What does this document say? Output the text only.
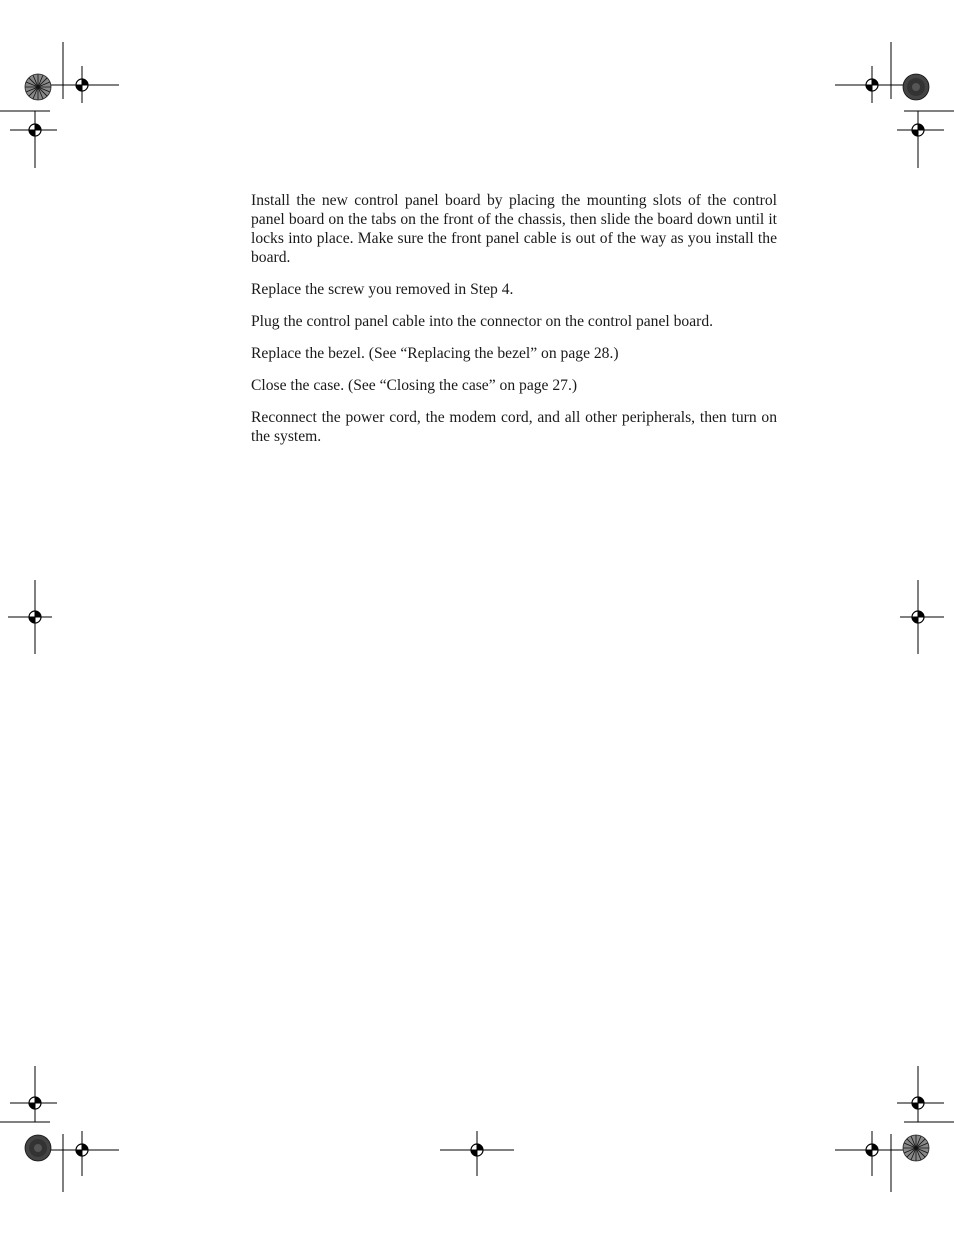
Install the new control panel board by placing the mounting slots of the control panel board on the tabs on the front of the chassis, then slide the board down until it locks into place. Make sure the front panel cable is out of the way as you install the board.

Replace the screw you removed in Step 4.

Plug the control panel cable into the connector on the control panel board.

Replace the bezel. (See “Replacing the bezel” on page 28.)

Close the case. (See “Closing the case” on page 27.)

Reconnect the power cord, the modem cord, and all other peripherals, then turn on the system.
